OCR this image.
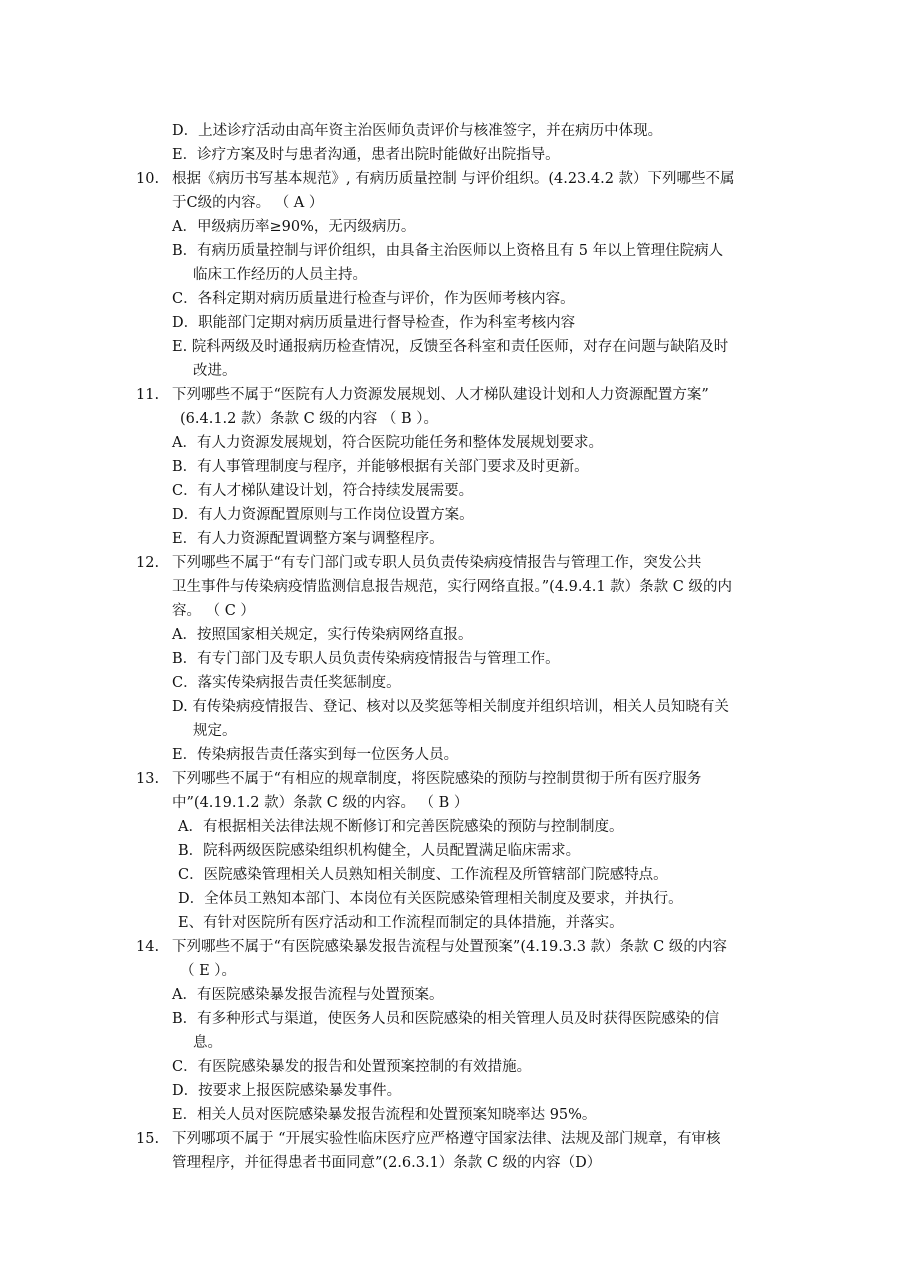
D．上述诊疗活动由高年资主治医师负责评价与核准签字，并在病历中体现。
E．诊疗方案及时与患者沟通，患者出院时能做好出院指导。
10. 根据《病历书写基本规范》, 有病历质量控制 与评价组织。(4.23.4.2 款）下列哪些不属
于C级的内容。 （ A ）
A．甲级病历率≥90%，无丙级病历。
B．有病历质量控制与评价组织，由具备主治医师以上资格且有 5 年以上管理住院病人
临床工作经历的人员主持。
C．各科定期对病历质量进行检查与评价，作为医师考核内容。
D．职能部门定期对病历质量进行督导检查，作为科室考核内容
E. 院科两级及时通报病历检查情况，反馈至各科室和责任医师，对存在问题与缺陷及时
改进。
11. 下列哪些不属于“医院有人力资源发展规划、人才梯队建设计划和人力资源配置方案”
(6.4.1.2 款）条款 C 级的内容 （ B ）。
A．有人力资源发展规划，符合医院功能任务和整体发展规划要求。
B．有人事管理制度与程序，并能够根据有关部门要求及时更新。
C．有人才梯队建设计划，符合持续发展需要。
D．有人力资源配置原则与工作岗位设置方案。
E．有人力资源配置调整方案与调整程序。
12. 下列哪些不属于“有专门部门或专职人员负责传染病疫情报告与管理工作，突发公共
卫生事件与传染病疫情监测信息报告规范，实行网络直报。”(4.9.4.1 款）条款 C 级的内
容。 （ C ）
A．按照国家相关规定，实行传染病网络直报。
B．有专门部门及专职人员负责传染病疫情报告与管理工作。
C．落实传染病报告责任奖惩制度。
D. 有传染病疫情报告、登记、核对以及奖惩等相关制度并组织培训，相关人员知晓有关
规定。
E．传染病报告责任落实到每一位医务人员。
13. 下列哪些不属于“有相应的规章制度，将医院感染的预防与控制贯彻于所有医疗服务
中”(4.19.1.2 款）条款 C 级的内容。 （ B ）
A．有根据相关法律法规不断修订和完善医院感染的预防与控制制度。
B．院科两级医院感染组织机构健全，人员配置满足临床需求。
C．医院感染管理相关人员熟知相关制度、工作流程及所管辖部门院感特点。
D．全体员工熟知本部门、本岗位有关医院感染管理相关制度及要求，并执行。
E、有针对医院所有医疗活动和工作流程而制定的具体措施，并落实。
14. 下列哪些不属于“有医院感染暴发报告流程与处置预案”(4.19.3.3 款）条款 C 级的内容
（ E ）。
A．有医院感染暴发报告流程与处置预案。
B．有多种形式与渠道，使医务人员和医院感染的相关管理人员及时获得医院感染的信
息。
C．有医院感染暴发的报告和处置预案控制的有效措施。
D．按要求上报医院感染暴发事件。
E．相关人员对医院感染暴发报告流程和处置预案知晓率达 95%。
15. 下列哪项不属于 “开展实验性临床医疗应严格遵守国家法律、法规及部门规章，有审核
管理程序，并征得患者书面同意”(2.6.3.1）条款 C 级的内容（D）
